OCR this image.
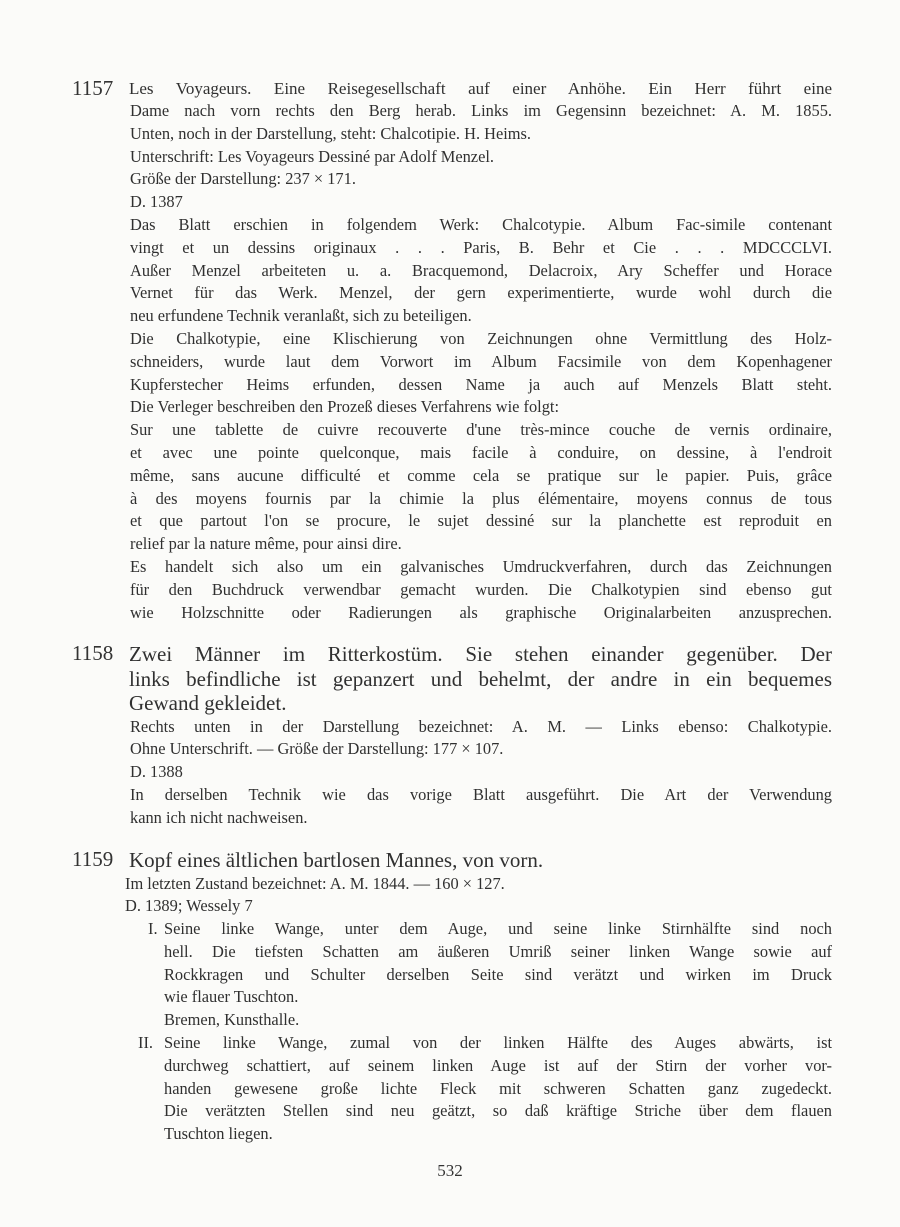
1157 Les Voyageurs. Eine Reisegesellschaft auf einer Anhöhe. Ein Herr führt eine
Dame nach vorn rechts den Berg herab. Links im Gegensinn bezeichnet: A. M. 1855.
Unten, noch in der Darstellung, steht: Chalcotipie. H. Heims.
Unterschrift: Les Voyageurs Dessiné par Adolf Menzel.
Größe der Darstellung: 237 × 171.
D. 1387
Das Blatt erschien in folgendem Werk: Chalcotypie. Album Fac-simile contenant
vingt et un dessins originaux . . . Paris, B. Behr et Cie . . . MDCCCLVI.
Außer Menzel arbeiteten u. a. Bracquemond, Delacroix, Ary Scheffer und Horace
Vernet für das Werk. Menzel, der gern experimentierte, wurde wohl durch die
neu erfundene Technik veranlaßt, sich zu beteiligen.
Die Chalkotypie, eine Klischierung von Zeichnungen ohne Vermittlung des Holz-
schneiders, wurde laut dem Vorwort im Album Facsimile von dem Kopenhagener
Kupferstecher Heims erfunden, dessen Name ja auch auf Menzels Blatt steht.
Die Verleger beschreiben den Prozeß dieses Verfahrens wie folgt:
Sur une tablette de cuivre recouverte d'une très-mince couche de vernis ordinaire,
et avec une pointe quelconque, mais facile à conduire, on dessine, à l'endroit
même, sans aucune difficulté et comme cela se pratique sur le papier. Puis, grâce
à des moyens fournis par la chimie la plus élémentaire, moyens connus de tous
et que partout l'on se procure, le sujet dessiné sur la planchette est reproduit en
relief par la nature même, pour ainsi dire.
Es handelt sich also um ein galvanisches Umdruckverfahren, durch das Zeichnungen
für den Buchdruck verwendbar gemacht wurden. Die Chalkotypien sind ebenso gut
wie Holzschnitte oder Radierungen als graphische Originalarbeiten anzusprechen.
1158 Zwei Männer im Ritterkostüm. Sie stehen einander gegenüber. Der
links befindliche ist gepanzert und behelmt, der andre in ein bequemes
Gewand gekleidet.
Rechts unten in der Darstellung bezeichnet: A. M. — Links ebenso: Chalkotypie.
Ohne Unterschrift. — Größe der Darstellung: 177 × 107.
D. 1388
In derselben Technik wie das vorige Blatt ausgeführt. Die Art der Verwendung
kann ich nicht nachweisen.
1159 Kopf eines ältlichen bartlosen Mannes, von vorn.
Im letzten Zustand bezeichnet: A. M. 1844. — 160 × 127.
D. 1389; Wessely 7
I. Seine linke Wange, unter dem Auge, und seine linke Stirnhälfte sind noch
hell. Die tiefsten Schatten am äußeren Umriß seiner linken Wange sowie auf
Rockkragen und Schulter derselben Seite sind verätzt und wirken im Druck
wie flauer Tuschton.
Bremen, Kunsthalle.
II. Seine linke Wange, zumal von der linken Hälfte des Auges abwärts, ist
durchweg schattiert, auf seinem linken Auge ist auf der Stirn der vorher vor-
handen gewesene große lichte Fleck mit schweren Schatten ganz zugedeckt.
Die verätzten Stellen sind neu geätzt, so daß kräftige Striche über dem flauen
Tuschton liegen.
532
